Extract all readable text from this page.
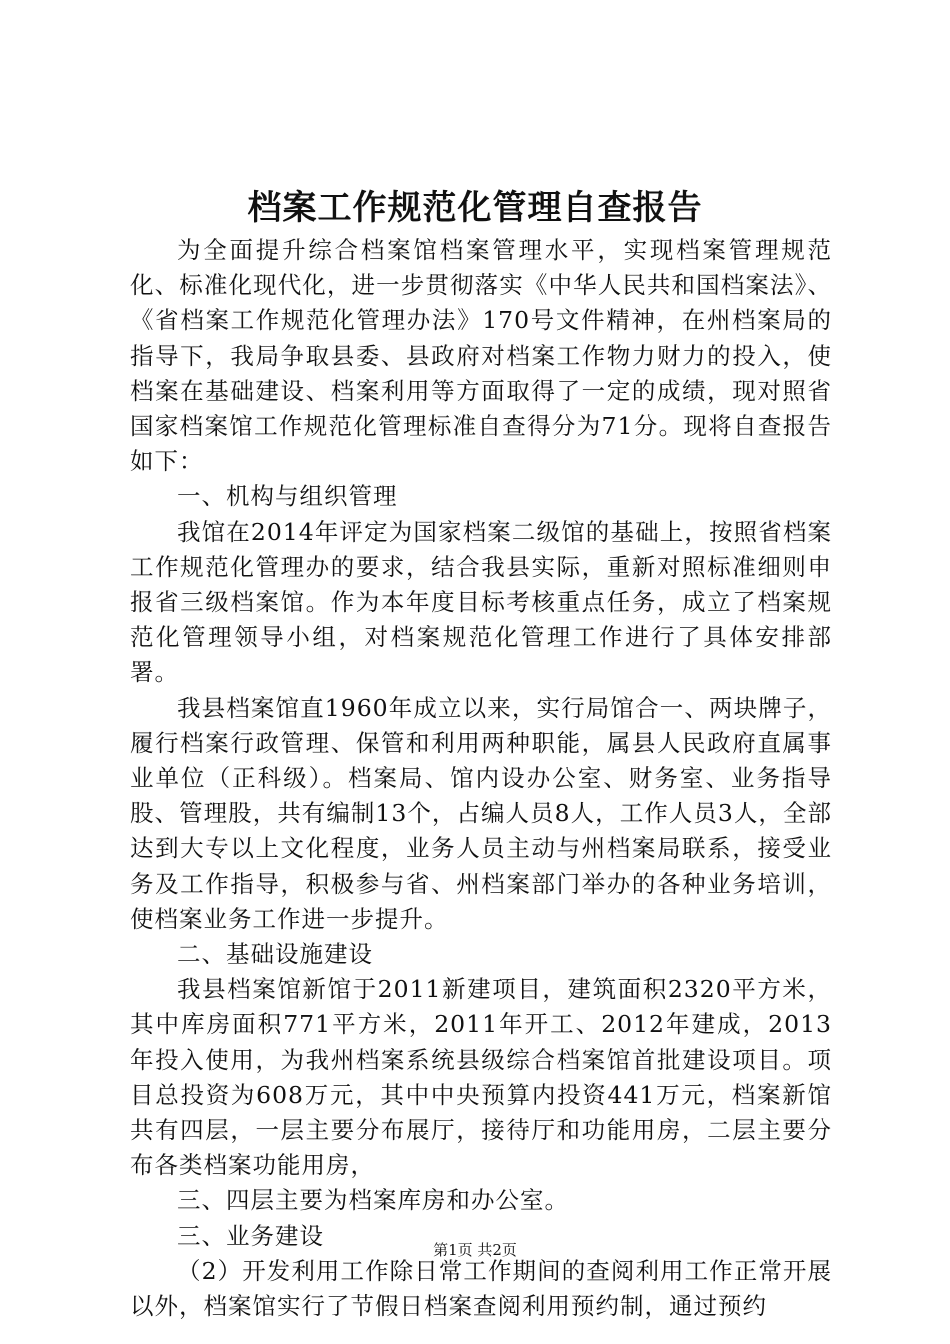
档案工作规范化管理自查报告

为全面提升综合档案馆档案管理水平，实现档案管理规范化、标准化现代化，进一步贯彻落实《中华人民共和国档案法》、《省档案工作规范化管理办法》170号文件精神，在州档案局的指导下，我局争取县委、县政府对档案工作物力财力的投入，使档案在基础建设、档案利用等方面取得了一定的成绩，现对照省国家档案馆工作规范化管理标准自查得分为71分。现将自查报告如下：

一、机构与组织管理

我馆在2014年评定为国家档案二级馆的基础上，按照省档案工作规范化管理办的要求，结合我县实际，重新对照标准细则申报省三级档案馆。作为本年度目标考核重点任务，成立了档案规范化管理领导小组，对档案规范化管理工作进行了具体安排部署。

我县档案馆直1960年成立以来，实行局馆合一、两块牌子，履行档案行政管理、保管和利用两种职能，属县人民政府直属事业单位（正科级）。档案局、馆内设办公室、财务室、业务指导股、管理股，共有编制13个，占编人员8人，工作人员3人，全部达到大专以上文化程度，业务人员主动与州档案局联系，接受业务及工作指导，积极参与省、州档案部门举办的各种业务培训，使档案业务工作进一步提升。

二、基础设施建设

我县档案馆新馆于2011新建项目，建筑面积2320平方米，其中库房面积771平方米，2011年开工、2012年建成，2013年投入使用，为我州档案系统县级综合档案馆首批建设项目。项目总投资为608万元，其中中央预算内投资441万元，档案新馆共有四层，一层主要分布展厅，接待厅和功能用房，二层主要分布各类档案功能用房，

三、四层主要为档案库房和办公室。

三、业务建设

（2）开发利用工作除日常工作期间的查阅利用工作正常开展以外，档案馆实行了节假日档案查阅利用预约制，通过预约

第1页 共2页
